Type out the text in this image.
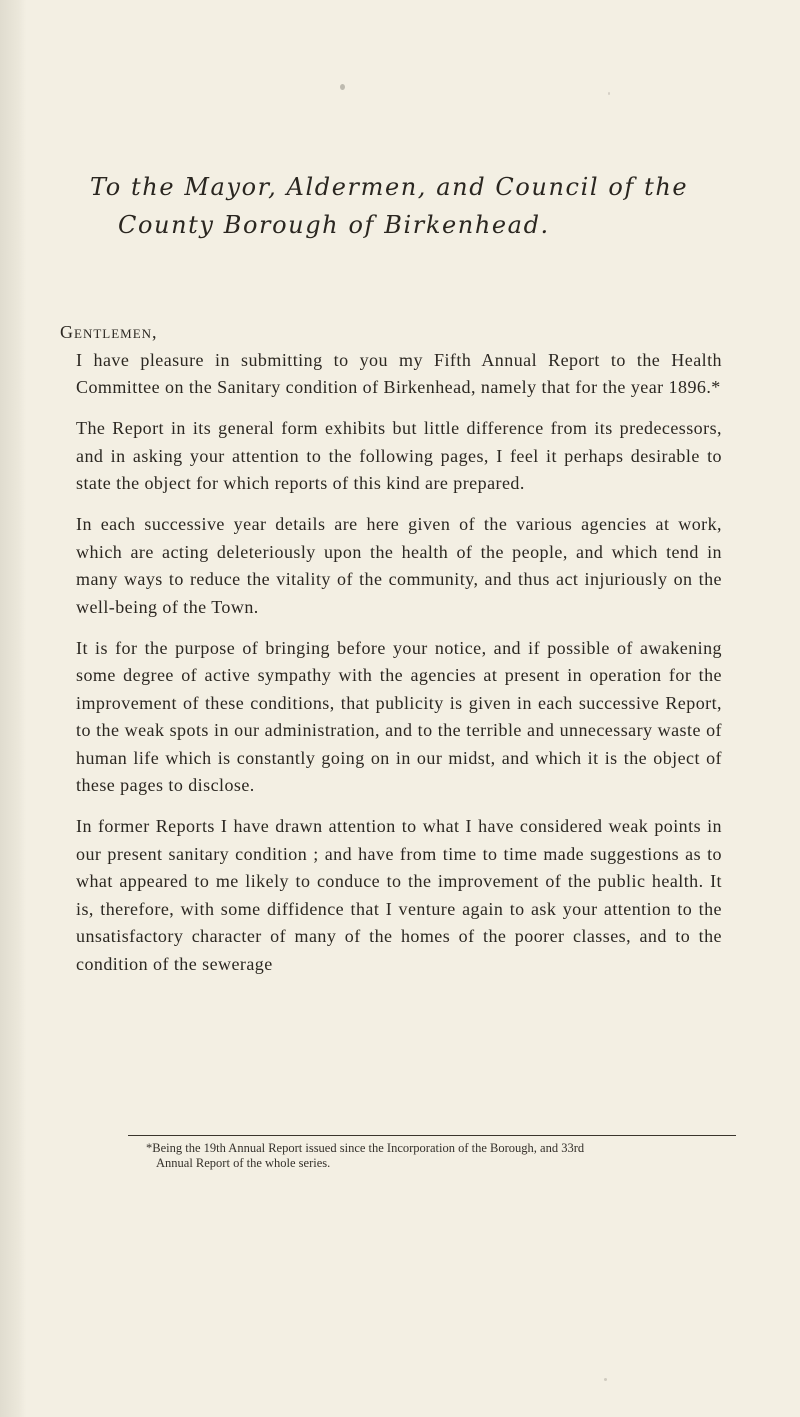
To the Mayor, Aldermen, and Council of the
County Borough of Birkenhead.

Gentlemen,

I have pleasure in submitting to you my Fifth Annual Report to the Health Committee on the Sanitary condition of Birkenhead, namely that for the year 1896.*

The Report in its general form exhibits but little difference from its predecessors, and in asking your attention to the following pages, I feel it perhaps desirable to state the object for which reports of this kind are prepared.

In each successive year details are here given of the various agencies at work, which are acting deleteriously upon the health of the people, and which tend in many ways to reduce the vitality of the community, and thus act injuriously on the well-being of the Town.

It is for the purpose of bringing before your notice, and if possible of awakening some degree of active sympathy with the agencies at present in operation for the improvement of these conditions, that publicity is given in each successive Report, to the weak spots in our administration, and to the terrible and unnecessary waste of human life which is constantly going on in our midst, and which it is the object of these pages to disclose.

In former Reports I have drawn attention to what I have considered weak points in our present sanitary condition ; and have from time to time made suggestions as to what appeared to me likely to conduce to the improvement of the public health. It is, therefore, with some diffidence that I venture again to ask your attention to the unsatisfactory character of many of the homes of the poorer classes, and to the condition of the sewerage

*Being the 19th Annual Report issued since the Incorporation of the Borough, and 33rd
Annual Report of the whole series.
